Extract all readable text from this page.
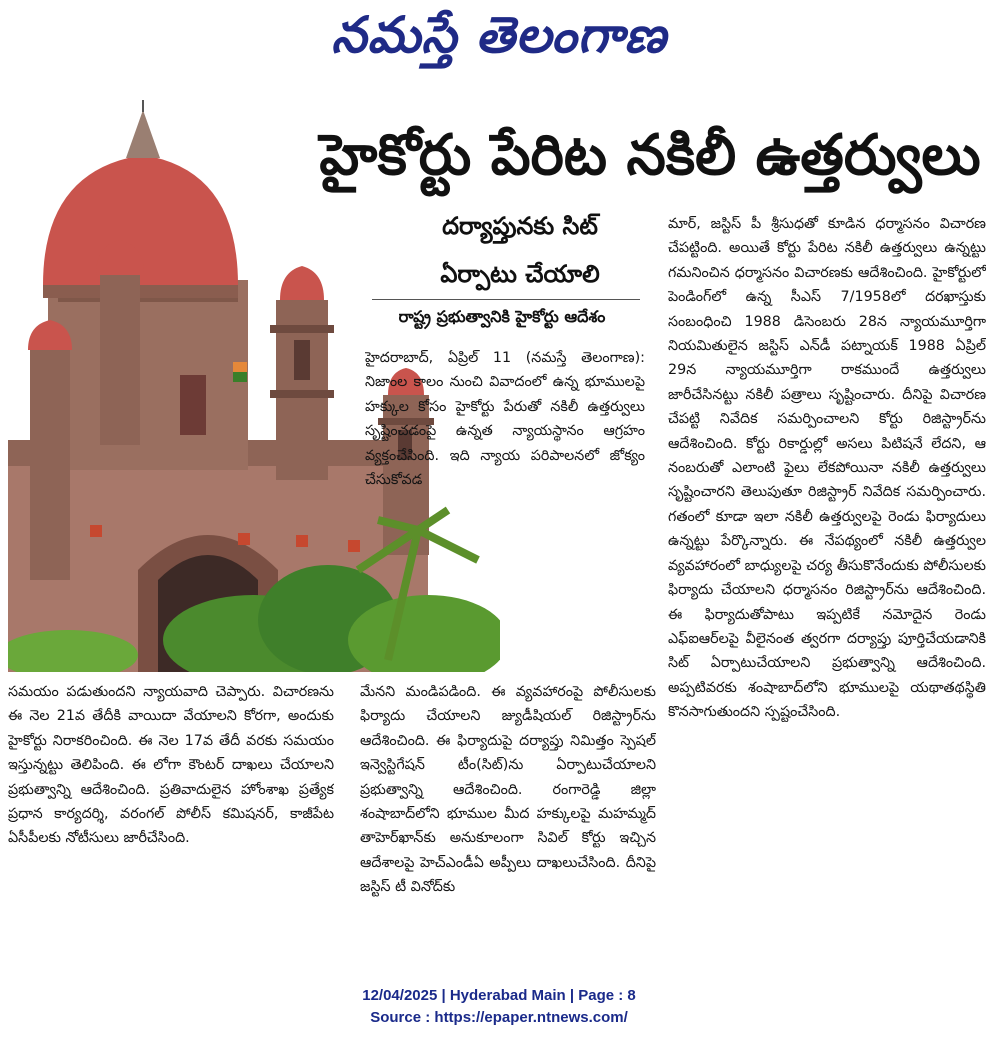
నమస్తే తెలంగాణ
హైకోర్టు పేరిట నకిలీ ఉత్తర్వులు
దర్యాప్తునకు సిట్
ఏర్పాటు చేయాలి
రాష్ట్ర ప్రభుత్వానికి హైకోర్టు ఆదేశం

హైదరాబాద్, ఏప్రిల్ 11 (నమస్తే తెలంగాణ): నిజాంల కాలం నుంచి వివాదంలో ఉన్న భూములపై హక్కుల కోసం హైకోర్టు పేరుతో నకిలీ ఉత్తర్వులు సృష్టించడంపై ఉన్నత న్యాయస్థానం ఆగ్రహం వ్యక్తంచేసింది. ఇది న్యాయ పరిపాలనలో జోక్యం చేసుకోవడ

మార్, జస్టిస్ పీ శ్రీసుధతో కూడిన ధర్మాసనం విచారణ చేపట్టింది. అయితే కోర్టు పేరిట నకిలీ ఉత్తర్వులు ఉన్నట్టు గమనించిన ధర్మాసనం విచారణకు ఆదేశించింది. హైకోర్టులో పెండింగ్‌లో ఉన్న సీఎస్ 7/1958లో దరఖాస్తుకు సంబంధించి 1988 డిసెంబరు 28న న్యాయమూర్తిగా నియమితులైన జస్టిస్ ఎన్‌డీ పట్నాయక్ 1988 ఏప్రిల్ 29న న్యాయమూర్తిగా రాకముందే ఉత్తర్వులు జారీచేసినట్టు నకిలీ పత్రాలు సృష్టించారు. దీనిపై విచారణ చేపట్టి నివేదిక సమర్పించాలని కోర్టు రిజిస్ట్రార్‌ను ఆదేశించింది. కోర్టు రికార్డుల్లో అసలు పిటిషనే లేదని, ఆ నంబరుతో ఎలాంటి ఫైలు లేకపోయినా నకిలీ ఉత్తర్వులు సృష్టించారని తెలుపుతూ రిజిస్ట్రార్ నివేదిక సమర్పించారు. గతంలో కూడా ఇలా నకిలీ ఉత్తర్వులపై రెండు ఫిర్యాదులు ఉన్నట్టు పేర్కొన్నారు. ఈ నేపథ్యంలో నకిలీ ఉత్తర్వుల వ్యవహారంలో బాధ్యులపై చర్య తీసుకొనేందుకు పోలీసులకు ఫిర్యాదు చేయాలని ధర్మాసనం రిజిస్ట్రార్‌ను ఆదేశించింది. ఈ ఫిర్యాదుతోపాటు ఇప్పటికే నమోదైన రెండు ఎఫ్ఐఆర్‌లపై వీలైనంత త్వరగా దర్యాప్తు పూర్తిచేయడానికి సిట్ ఏర్పాటుచేయాలని ప్రభుత్వాన్ని ఆదేశించింది. అప్పటివరకు శంషాబాద్‌లోని భూములపై యథాతథస్థితి కొనసాగుతుందని స్పష్టంచేసింది.

సమయం పడుతుందని న్యాయవాది చెప్పారు. విచారణను ఈ నెల 21వ తేదీకి వాయిదా వేయాలని కోరగా, అందుకు హైకోర్టు నిరాకరించింది. ఈ నెల 17వ తేదీ వరకు సమయం ఇస్తున్నట్టు తెలిపింది. ఈ లోగా కౌంటర్ దాఖలు చేయాలని ప్రభుత్వాన్ని ఆదేశించింది. ప్రతివాదులైన హోంశాఖ ప్రత్యేక ప్రధాన కార్యదర్శి, వరంగల్ పోలీస్ కమిషనర్, కాజీపేట ఏసీపీలకు నోటీసులు జారీచేసింది.

మేనని మండిపడింది. ఈ వ్యవహారంపై పోలీసులకు ఫిర్యాదు చేయాలని జ్యుడీషియల్ రిజిస్ట్రార్‌ను ఆదేశించింది. ఈ ఫిర్యాదుపై దర్యాప్తు నిమిత్తం స్పెషల్ ఇన్వెస్టిగేషన్ టీం(సిట్)ను ఏర్పాటుచేయాలని ప్రభుత్వాన్ని ఆదేశించింది. రంగారెడ్డి జిల్లా శంషాబాద్‌లోని భూముల మీద హక్కులపై మహమ్మద్ తాహెర్‌ఖాన్‌కు అనుకూలంగా సివిల్ కోర్టు ఇచ్చిన ఆదేశాలపై హెచ్ఎండీఏ అప్పీలు దాఖలుచేసింది. దీనిపై జస్టిస్ టీ వినోద్‌కు

12/04/2025 | Hyderabad Main | Page : 8
Source : https://epaper.ntnews.com/
